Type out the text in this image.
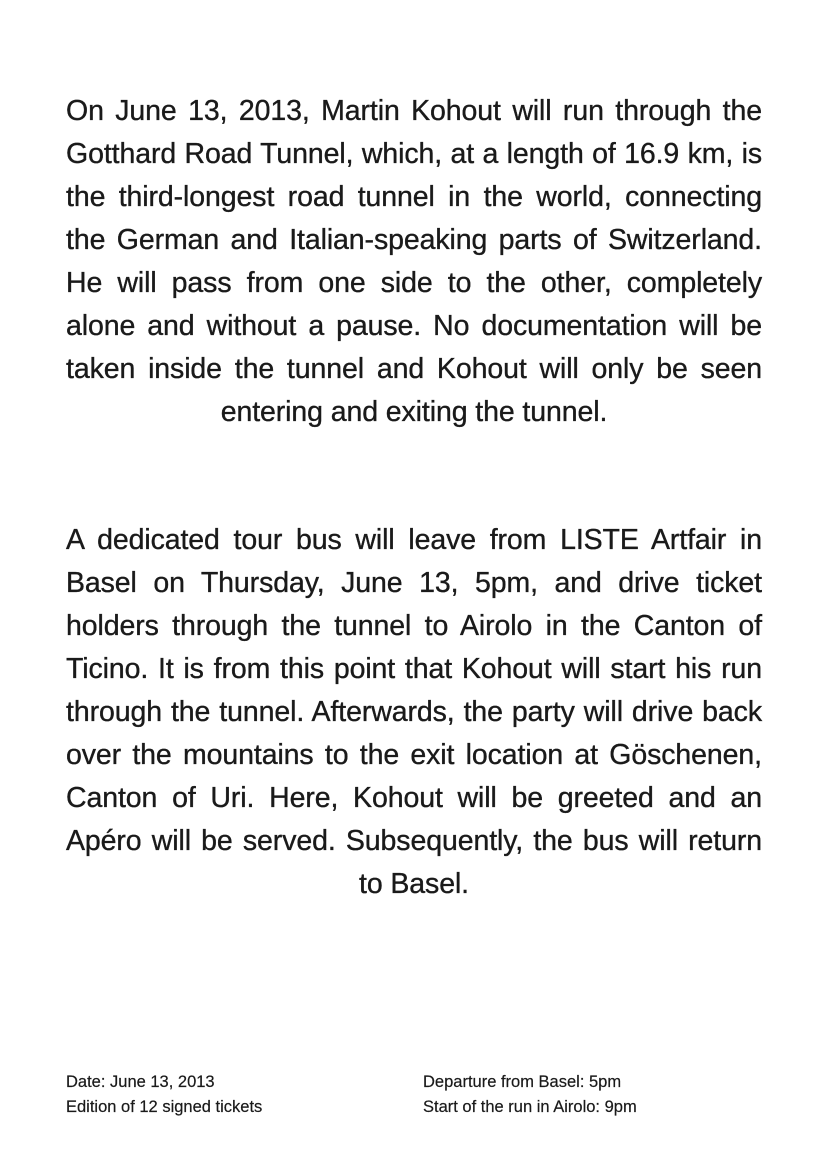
On June 13, 2013, Martin Kohout will run through the Gotthard Road Tunnel, which, at a length of 16.9 km, is the third-longest road tunnel in the world, connecting the German and Italian-speaking parts of Switzerland. He will pass from one side to the other, completely alone and without a pause. No documentation will be taken inside the tunnel and Kohout will only be seen entering and exiting the tunnel.

A dedicated tour bus will leave from LISTE Artfair in Basel on Thursday, June 13, 5pm, and drive ticket holders through the tunnel to Airolo in the Canton of Ticino. It is from this point that Kohout will start his run through the tunnel. Afterwards, the party will drive back over the mountains to the exit location at Göschenen, Canton of Uri. Here, Kohout will be greeted and an Apéro will be served. Subsequently, the bus will return to Basel.

Date: June 13, 2013
Edition of 12 signed tickets
Departure from Basel: 5pm
Start of the run in Airolo: 9pm
